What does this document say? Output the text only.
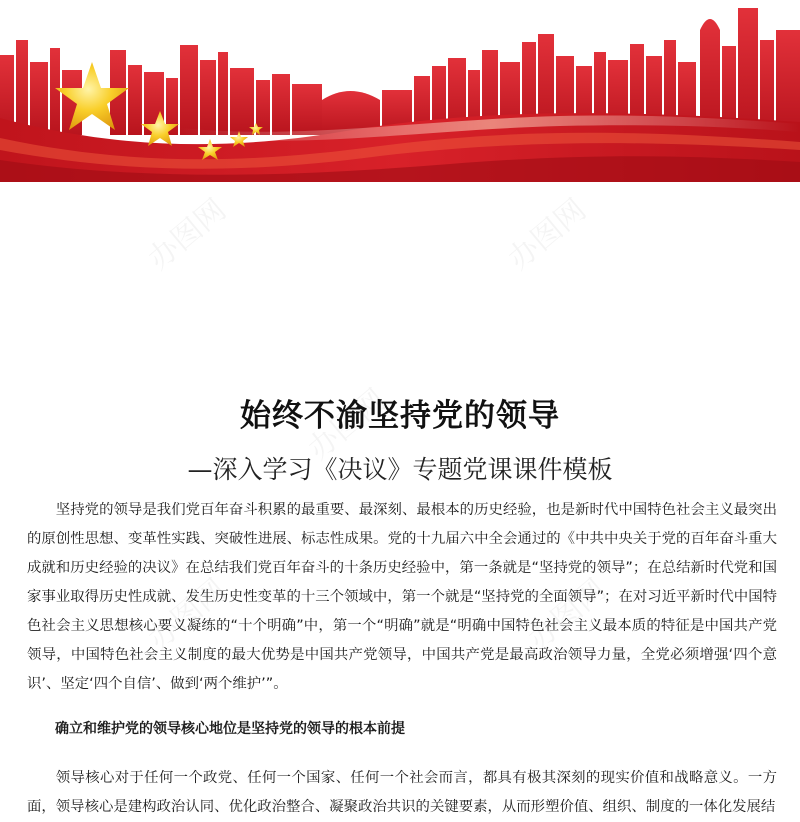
始终不渝坚持党的领导
—深入学习《决议》专题党课课件模板

坚持党的领导是我们党百年奋斗积累的最重要、最深刻、最根本的历史经验，也是新时代中国特色社会主义最突出的原创性思想、变革性实践、突破性进展、标志性成果。党的十九届六中全会通过的《中共中央关于党的百年奋斗重大成就和历史经验的决议》在总结我们党百年奋斗的十条历史经验中，第一条就是“坚持党的领导”；在总结新时代党和国家事业取得历史性成就、发生历史性变革的十三个领域中，第一个就是“坚持党的全面领导”；在对习近平新时代中国特色社会主义思想核心要义凝练的“十个明确”中，第一个“明确”就是“明确中国特色社会主义最本质的特征是中国共产党领导，中国特色社会主义制度的最大优势是中国共产党领导，中国共产党是最高政治领导力量，全党必须增强‘四个意识’、坚定‘四个自信’、做到‘两个维护’”。

确立和维护党的领导核心地位是坚持党的领导的根本前提

领导核心对于任何一个政党、任何一个国家、任何一个社会而言，都具有极其深刻的现实价值和战略意义。一方面，领导核心是建构政治认同、优化政治整合、凝聚政治共识的关键要素，从而形塑价值、组织、制度的一体化发展结
